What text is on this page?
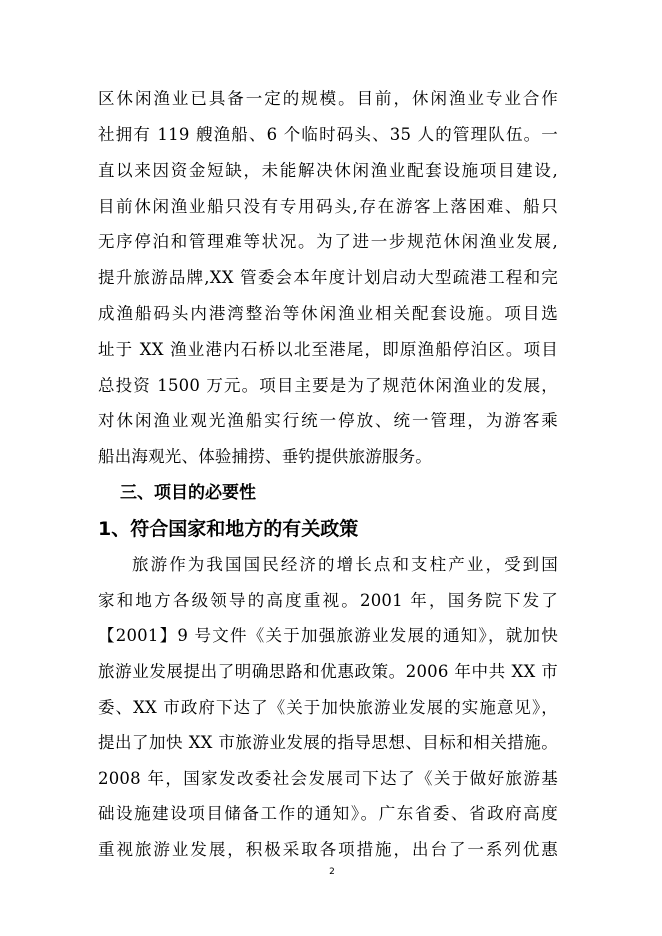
区休闲渔业已具备一定的规模。目前，休闲渔业专业合作
社拥有 119 艘渔船、6 个临时码头、35 人的管理队伍。一
直以来因资金短缺，未能解决休闲渔业配套设施项目建设,
目前休闲渔业船只没有专用码头,存在游客上落困难、船只
无序停泊和管理难等状况。为了进一步规范休闲渔业发展,
提升旅游品牌,XX 管委会本年度计划启动大型疏港工程和完
成渔船码头内港湾整治等休闲渔业相关配套设施。项目选
址于 XX 渔业港内石桥以北至港尾，即原渔船停泊区。项目
总投资 1500 万元。项目主要是为了规范休闲渔业的发展，
对休闲渔业观光渔船实行统一停放、统一管理，为游客乘
船出海观光、体验捕捞、垂钓提供旅游服务。
三、项目的必要性
1、符合国家和地方的有关政策
旅游作为我国国民经济的增长点和支柱产业，受到国
家和地方各级领导的高度重视。2001 年，国务院下发了
【2001】9 号文件《关于加强旅游业发展的通知》，就加快
旅游业发展提出了明确思路和优惠政策。2006 年中共 XX 市
委、XX 市政府下达了《关于加快旅游业发展的实施意见》，
提出了加快 XX 市旅游业发展的指导思想、目标和相关措施。
2008 年，国家发改委社会发展司下达了《关于做好旅游基
础设施建设项目储备工作的通知》。广东省委、省政府高度
重视旅游业发展，积极采取各项措施，出台了一系列优惠
2
